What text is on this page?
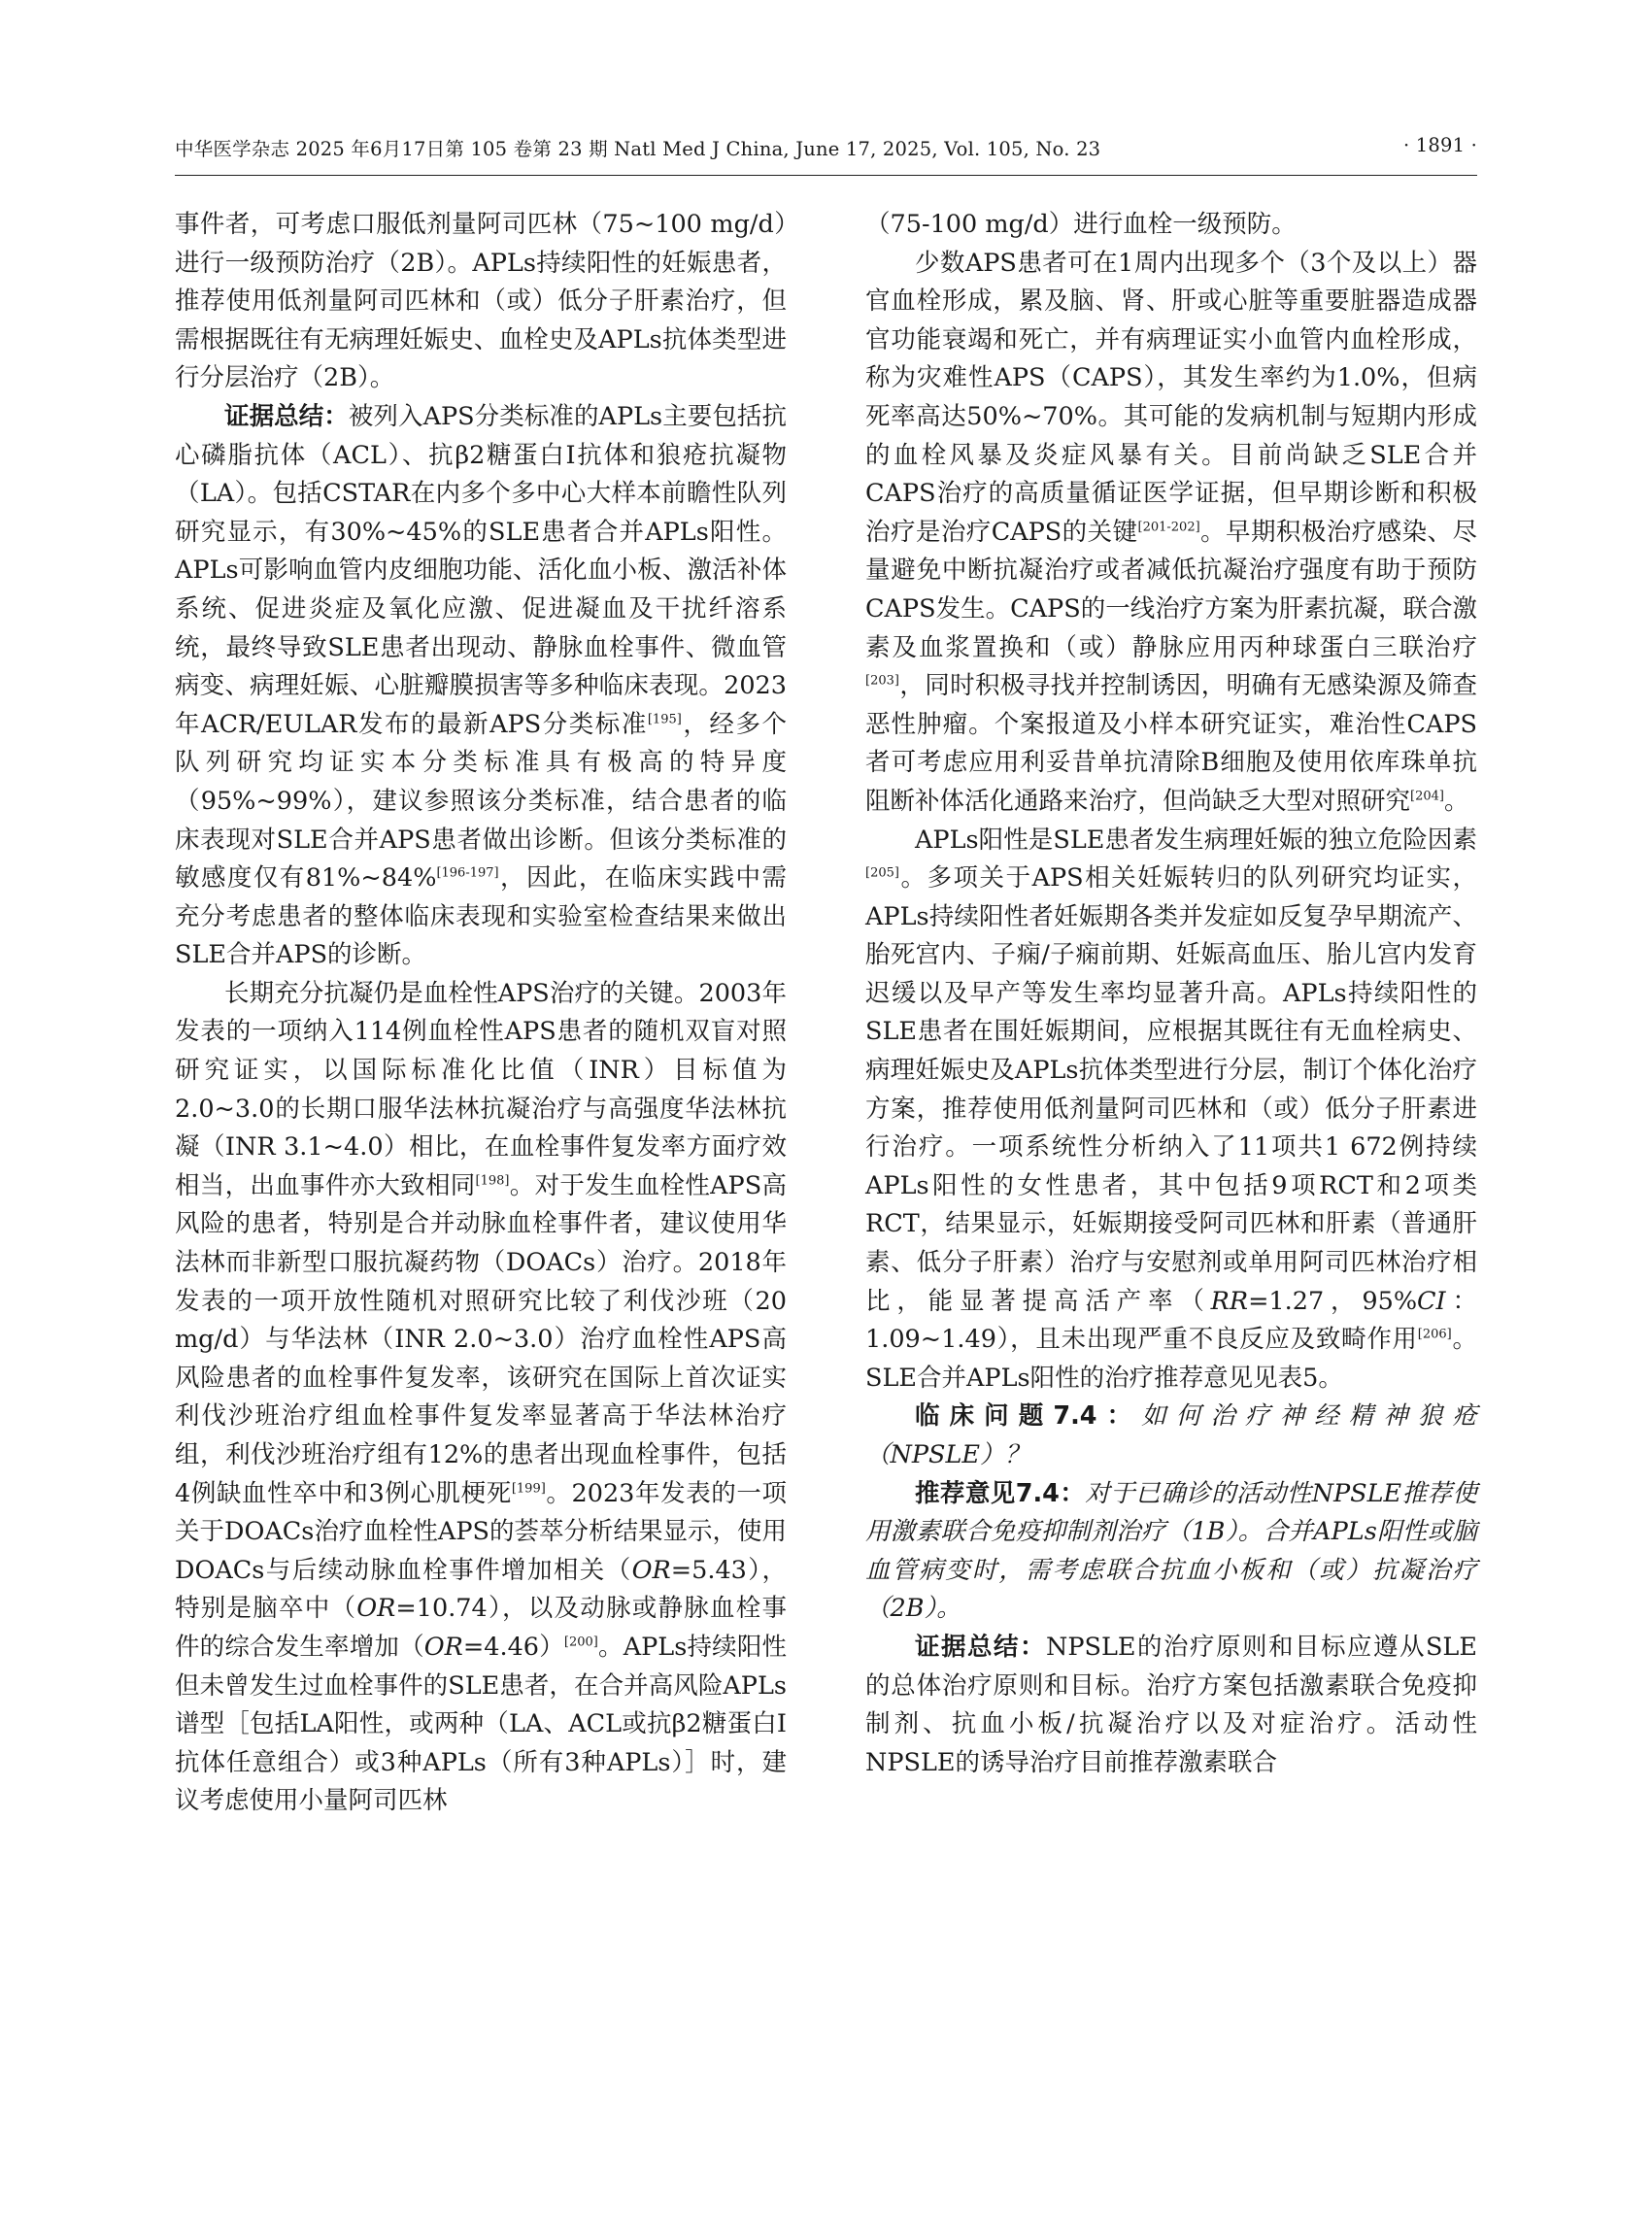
中华医学杂志 2025 年6月17日第 105 卷第 23 期 Natl Med J China, June 17, 2025, Vol. 105, No. 23	· 1891 ·

事件者，可考虑口服低剂量阿司匹林（75~100 mg/d）进行一级预防治疗（2B）。APLs持续阳性的妊娠患者，推荐使用低剂量阿司匹林和（或）低分子肝素治疗，但需根据既往有无病理妊娠史、血栓史及APLs抗体类型进行分层治疗（2B）。

证据总结：被列入APS分类标准的APLs主要包括抗心磷脂抗体（ACL）、抗β2糖蛋白Ⅰ抗体和狼疮抗凝物（LA）。包括CSTAR在内多个多中心大样本前瞻性队列研究显示，有30%~45%的SLE患者合并APLs阳性。APLs可影响血管内皮细胞功能、活化血小板、激活补体系统、促进炎症及氧化应激、促进凝血及干扰纤溶系统，最终导致SLE患者出现动、静脉血栓事件、微血管病变、病理妊娠、心脏瓣膜损害等多种临床表现。2023年ACR/EULAR发布的最新APS分类标准[195]，经多个队列研究均证实本分类标准具有极高的特异度（95%~99%），建议参照该分类标准，结合患者的临床表现对SLE合并APS患者做出诊断。但该分类标准的敏感度仅有81%~84%[196-197]，因此，在临床实践中需充分考虑患者的整体临床表现和实验室检查结果来做出SLE合并APS的诊断。

长期充分抗凝仍是血栓性APS治疗的关键。2003年发表的一项纳入114例血栓性APS患者的随机双盲对照研究证实，以国际标准化比值（INR）目标值为2.0~3.0的长期口服华法林抗凝治疗与高强度华法林抗凝（INR 3.1~4.0）相比，在血栓事件复发率方面疗效相当，出血事件亦大致相同[198]。对于发生血栓性APS高风险的患者，特别是合并动脉血栓事件者，建议使用华法林而非新型口服抗凝药物（DOACs）治疗。2018年发表的一项开放性随机对照研究比较了利伐沙班（20 mg/d）与华法林（INR 2.0~3.0）治疗血栓性APS高风险患者的血栓事件复发率，该研究在国际上首次证实利伐沙班治疗组血栓事件复发率显著高于华法林治疗组，利伐沙班治疗组有12%的患者出现血栓事件，包括4例缺血性卒中和3例心肌梗死[199]。2023年发表的一项关于DOACs治疗血栓性APS的荟萃分析结果显示，使用DOACs与后续动脉血栓事件增加相关（OR=5.43），特别是脑卒中（OR=10.74），以及动脉或静脉血栓事件的综合发生率增加（OR=4.46）[200]。APLs持续阳性但未曾发生过血栓事件的SLE患者，在合并高风险APLs谱型［包括LA阳性，或两种（LA、ACL或抗β2糖蛋白Ⅰ抗体任意组合）或3种APLs（所有3种APLs）］时，建议考虑使用小量阿司匹林

（75-100 mg/d）进行血栓一级预防。

少数APS患者可在1周内出现多个（3个及以上）器官血栓形成，累及脑、肾、肝或心脏等重要脏器造成器官功能衰竭和死亡，并有病理证实小血管内血栓形成，称为灾难性APS（CAPS），其发生率约为1.0%，但病死率高达50%~70%。其可能的发病机制与短期内形成的血栓风暴及炎症风暴有关。目前尚缺乏SLE合并CAPS治疗的高质量循证医学证据，但早期诊断和积极治疗是治疗CAPS的关键[201-202]。早期积极治疗感染、尽量避免中断抗凝治疗或者减低抗凝治疗强度有助于预防CAPS发生。CAPS的一线治疗方案为肝素抗凝，联合激素及血浆置换和（或）静脉应用丙种球蛋白三联治疗[203]，同时积极寻找并控制诱因，明确有无感染源及筛查恶性肿瘤。个案报道及小样本研究证实，难治性CAPS者可考虑应用利妥昔单抗清除B细胞及使用依库珠单抗阻断补体活化通路来治疗，但尚缺乏大型对照研究[204]。

APLs阳性是SLE患者发生病理妊娠的独立危险因素[205]。多项关于APS相关妊娠转归的队列研究均证实，APLs持续阳性者妊娠期各类并发症如反复孕早期流产、胎死宫内、子痫/子痫前期、妊娠高血压、胎儿宫内发育迟缓以及早产等发生率均显著升高。APLs持续阳性的SLE患者在围妊娠期间，应根据其既往有无血栓病史、病理妊娠史及APLs抗体类型进行分层，制订个体化治疗方案，推荐使用低剂量阿司匹林和（或）低分子肝素进行治疗。一项系统性分析纳入了11项共1 672例持续APLs阳性的女性患者，其中包括9项RCT和2项类RCT，结果显示，妊娠期接受阿司匹林和肝素（普通肝素、低分子肝素）治疗与安慰剂或单用阿司匹林治疗相比，能显著提高活产率（RR=1.27，95%CI：1.09~1.49），且未出现严重不良反应及致畸作用[206]。SLE合并APLs阳性的治疗推荐意见见表5。

临床问题7.4：如何治疗神经精神狼疮（NPSLE）？

推荐意见7.4：对于已确诊的活动性NPSLE推荐使用激素联合免疫抑制剂治疗（1B）。合并APLs阳性或脑血管病变时，需考虑联合抗血小板和（或）抗凝治疗（2B）。

证据总结：NPSLE的治疗原则和目标应遵从SLE的总体治疗原则和目标。治疗方案包括激素联合免疫抑制剂、抗血小板/抗凝治疗以及对症治疗。活动性NPSLE的诱导治疗目前推荐激素联合
